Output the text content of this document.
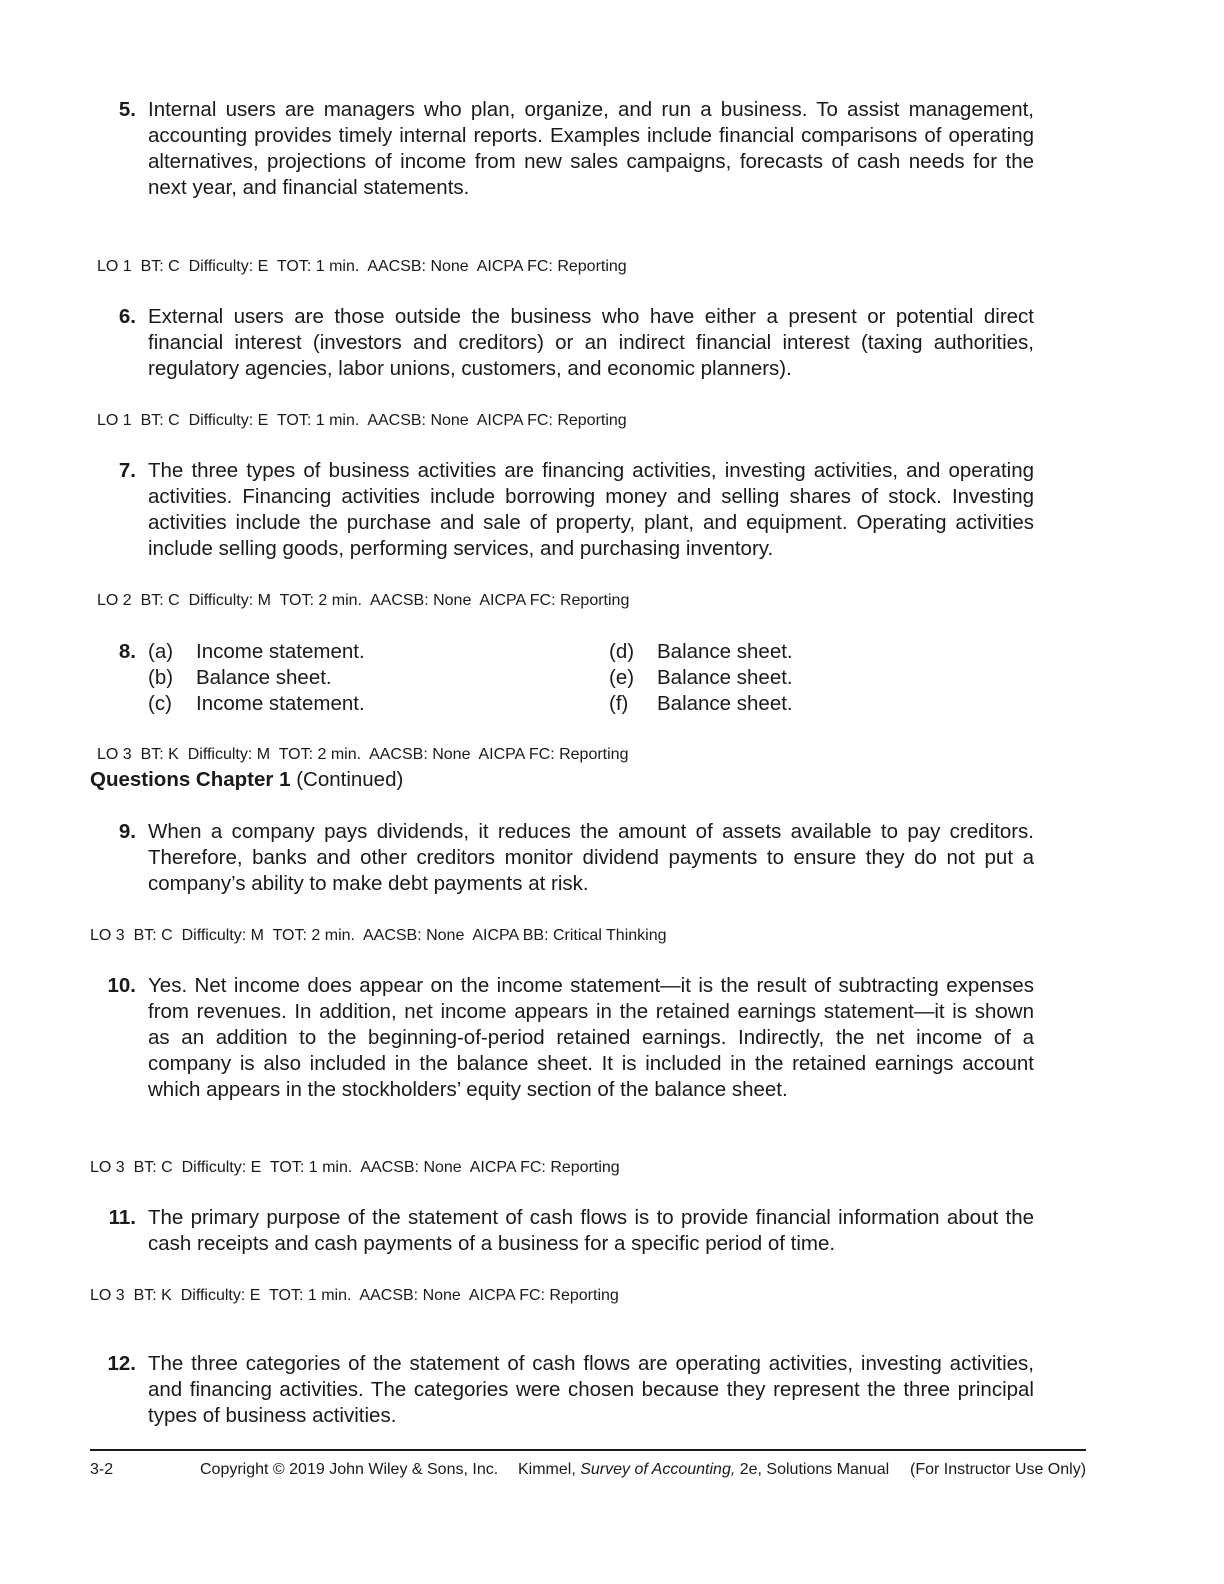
5. Internal users are managers who plan, organize, and run a business. To assist management,

accounting provides timely internal reports. Examples include financial comparisons of operating alternatives, projections of income from new sales campaigns, forecasts of cash needs for the next year, and financial statements.

LO 1  BT: C  Difficulty: E  TOT: 1 min.  AACSB: None  AICPA FC: Reporting
6. External users are those outside the business who have either a present or potential direct financial interest (investors and creditors) or an indirect financial interest (taxing authorities, regulatory agencies, labor unions, customers, and economic planners).

LO 1  BT: C  Difficulty: E  TOT: 1 min.  AACSB: None  AICPA FC: Reporting
7. The three types of business activities are financing activities, investing activities, and operating activities. Financing activities include borrowing money and selling shares of stock. Investing activities include the purchase and sale of property, plant, and equipment. Operating activities include selling goods, performing services, and purchasing inventory.

LO 2  BT: C  Difficulty: M  TOT: 2 min.  AACSB: None  AICPA FC: Reporting
8. (a) Income statement.
(b) Balance sheet.
(c) Income statement.
(d) Balance sheet.
(e) Balance sheet.
(f) Balance sheet.
LO 3  BT: K  Difficulty: M  TOT: 2 min.  AACSB: None  AICPA FC: Reporting
Questions Chapter 1 (Continued)
9. When a company pays dividends, it reduces the amount of assets available to pay creditors. Therefore, banks and other creditors monitor dividend payments to ensure they do not put a company’s ability to make debt payments at risk.

LO 3  BT: C  Difficulty: M  TOT: 2 min.  AACSB: None  AICPA BB: Critical Thinking
10. Yes. Net income does appear on the income statement—it is the result of subtracting expenses from revenues. In addition, net income appears in the retained earnings statement—it is shown as an addition to the beginning-of-period retained earnings. Indirectly, the net income of a company is also included in the balance sheet. It is included in the retained earnings account which appears in the stockholders’ equity section of the balance sheet.

LO 3  BT: C  Difficulty: E  TOT: 1 min.  AACSB: None  AICPA FC: Reporting
11. The primary purpose of the statement of cash flows is to provide financial information about the cash receipts and cash payments of a business for a specific period of time.

LO 3  BT: K  Difficulty: E  TOT: 1 min.  AACSB: None  AICPA FC: Reporting
12. The three categories of the statement of cash flows are operating activities, investing activities, and financing activities. The categories were chosen because they represent the three principal types of business activities.

3-2	Copyright © 2019 John Wiley & Sons, Inc. Kimmel, Survey of Accounting, 2e, Solutions Manual (For Instructor Use Only)
